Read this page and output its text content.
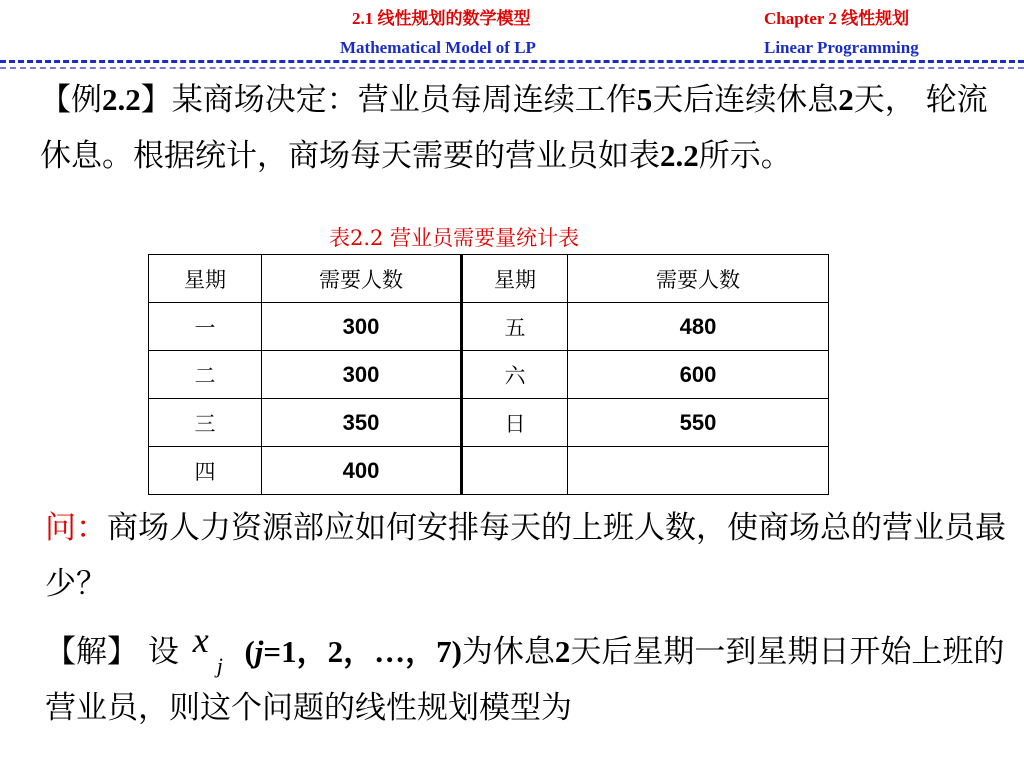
2.1 线性规划的数学模型
Mathematical Model of LP
Chapter 2 线性规划
Linear Programming
【例2.2】某商场决定：营业员每周连续工作5天后连续休息2天， 轮流休息。根据统计，商场每天需要的营业员如表2.2所示。
表2.2 营业员需要量统计表
星期	需要人数	星期	需要人数
一	300	五	480
二	300	六	600
三	350	日	550
四	400		
问：商场人力资源部应如何安排每天的上班人数，使商场总的营业员最少？
【解】 设 x
j (j=1，2，…，7)为休息2天后星期一到星期日开始上班的营业员，则这个问题的线性规划模型为
